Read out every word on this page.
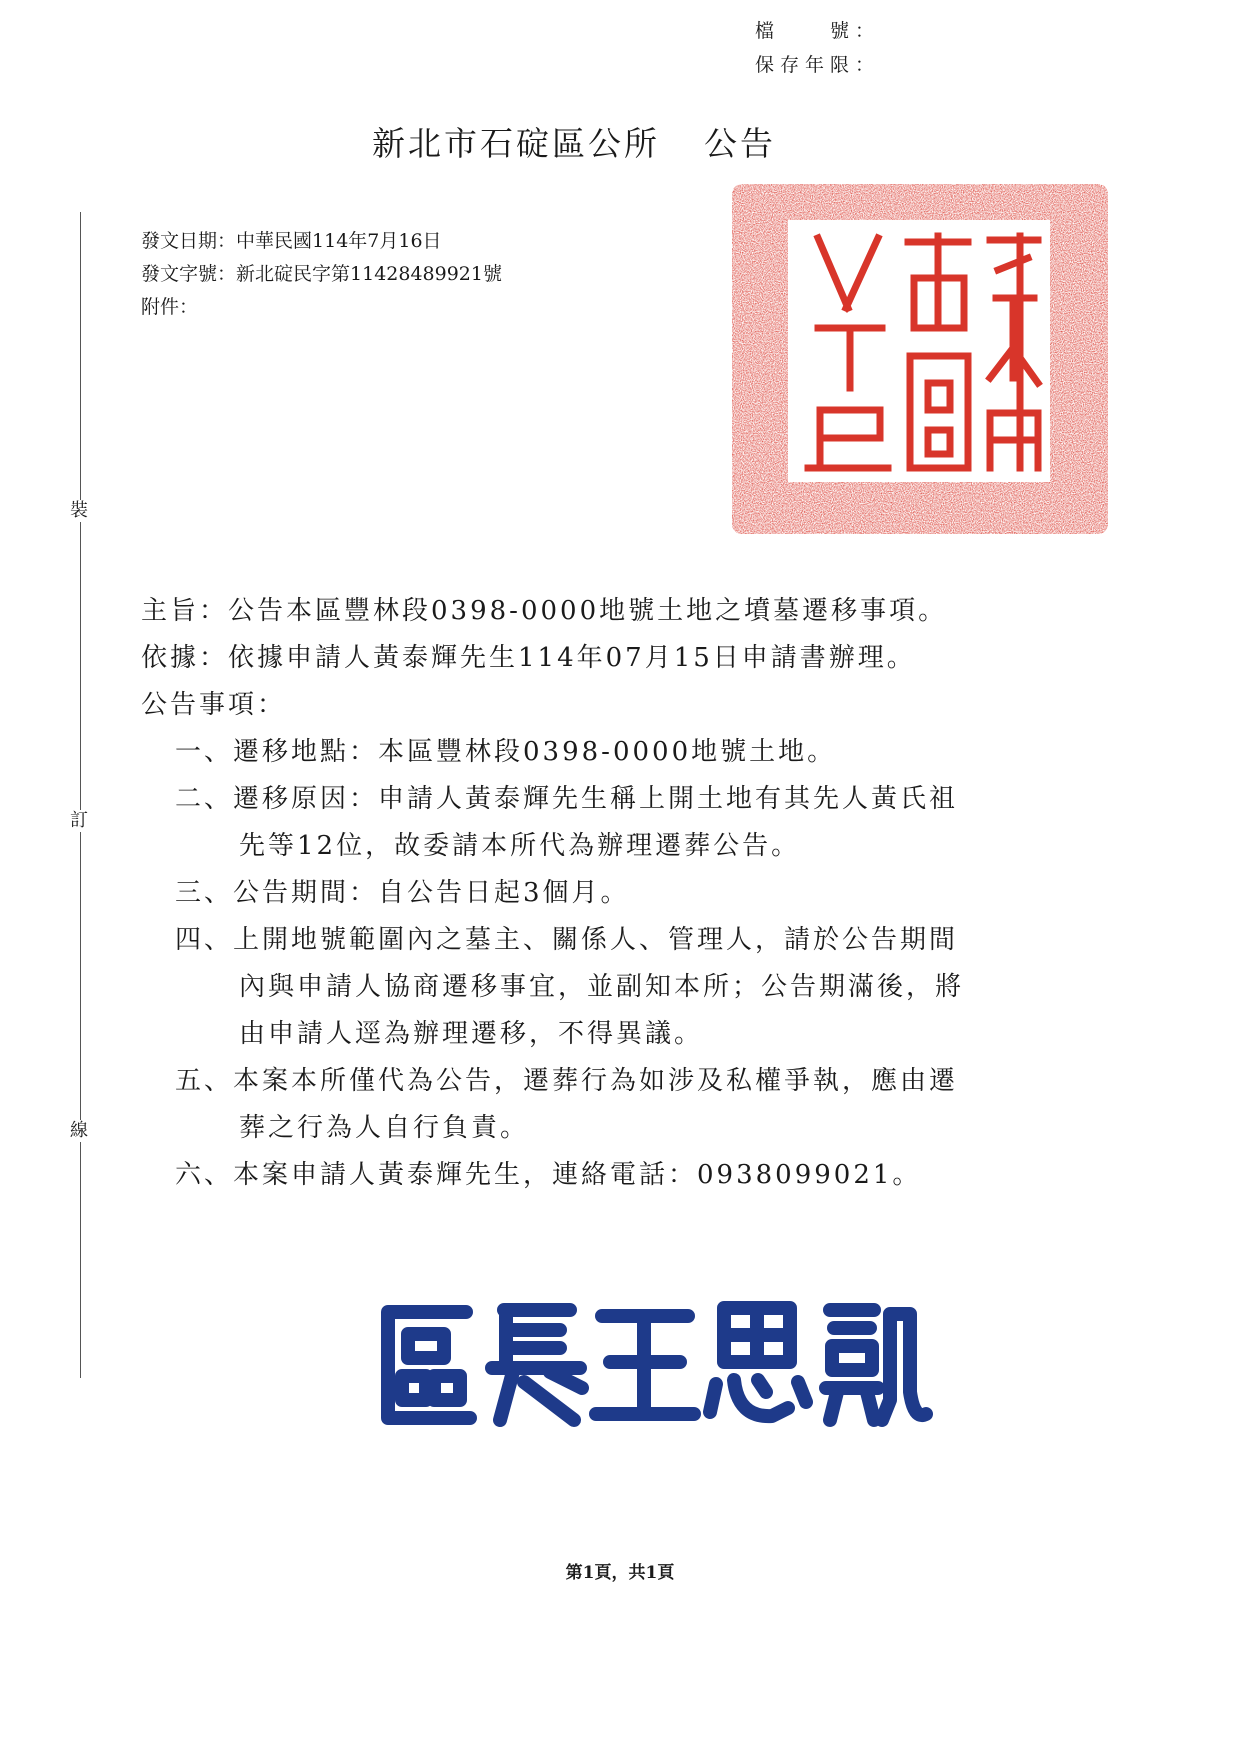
檔　　號：
保存年限：
新北市石碇區公所 公告
裝
訂
線
發文日期：中華民國114年7月16日
發文字號：新北碇民字第11428489921號
附件：
主旨：公告本區豐林段0398-0000地號土地之墳墓遷移事項。
依據：依據申請人黃泰輝先生114年07月15日申請書辦理。
公告事項：
一、遷移地點：本區豐林段0398-0000地號土地。
二、遷移原因：申請人黃泰輝先生稱上開土地有其先人黃氏祖
先等12位，故委請本所代為辦理遷葬公告。
三、公告期間：自公告日起3個月。
四、上開地號範圍內之墓主、關係人、管理人，請於公告期間
內與申請人協商遷移事宜，並副知本所；公告期滿後，將
由申請人逕為辦理遷移，不得異議。
五、本案本所僅代為公告，遷葬行為如涉及私權爭執，應由遷
葬之行為人自行負責。
六、本案申請人黃泰輝先生，連絡電話：0938099021。
第1頁，共1頁
